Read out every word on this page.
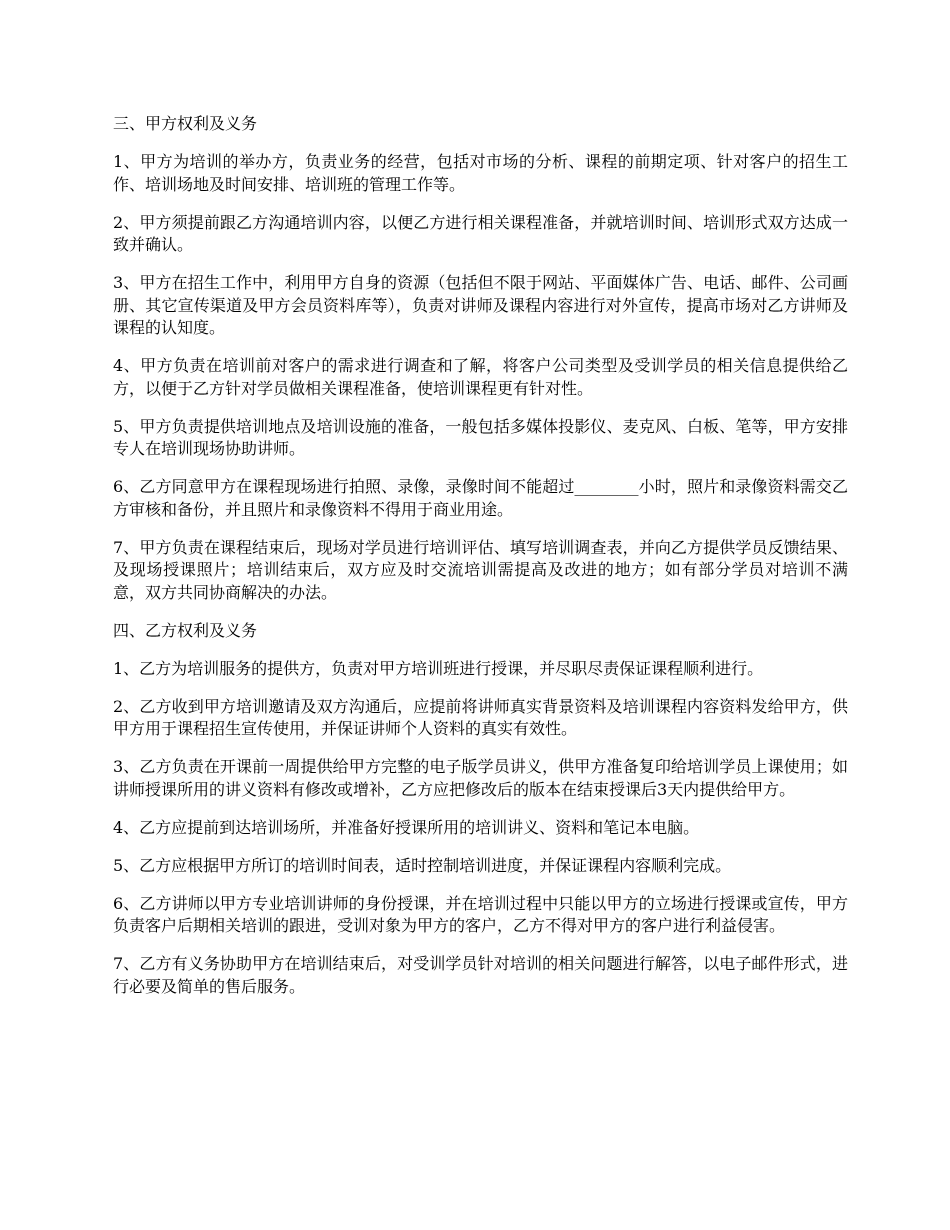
三、甲方权利及义务

1、甲方为培训的举办方，负责业务的经营，包括对市场的分析、课程的前期定项、针对客户的招生工作、培训场地及时间安排、培训班的管理工作等。

2、甲方须提前跟乙方沟通培训内容，以便乙方进行相关课程准备，并就培训时间、培训形式双方达成一致并确认。

3、甲方在招生工作中，利用甲方自身的资源（包括但不限于网站、平面媒体广告、电话、邮件、公司画册、其它宣传渠道及甲方会员资料库等），负责对讲师及课程内容进行对外宣传，提高市场对乙方讲师及课程的认知度。

4、甲方负责在培训前对客户的需求进行调查和了解，将客户公司类型及受训学员的相关信息提供给乙方，以便于乙方针对学员做相关课程准备，使培训课程更有针对性。

5、甲方负责提供培训地点及培训设施的准备，一般包括多媒体投影仪、麦克风、白板、笔等，甲方安排专人在培训现场协助讲师。

6、乙方同意甲方在课程现场进行拍照、录像，录像时间不能超过________小时，照片和录像资料需交乙方审核和备份，并且照片和录像资料不得用于商业用途。

7、甲方负责在课程结束后，现场对学员进行培训评估、填写培训调查表，并向乙方提供学员反馈结果、及现场授课照片；培训结束后，双方应及时交流培训需提高及改进的地方；如有部分学员对培训不满意，双方共同协商解决的办法。

四、乙方权利及义务

1、乙方为培训服务的提供方，负责对甲方培训班进行授课，并尽职尽责保证课程顺利进行。

2、乙方收到甲方培训邀请及双方沟通后，应提前将讲师真实背景资料及培训课程内容资料发给甲方，供甲方用于课程招生宣传使用，并保证讲师个人资料的真实有效性。

3、乙方负责在开课前一周提供给甲方完整的电子版学员讲义，供甲方准备复印给培训学员上课使用；如讲师授课所用的讲义资料有修改或增补，乙方应把修改后的版本在结束授课后3天内提供给甲方。

4、乙方应提前到达培训场所，并准备好授课所用的培训讲义、资料和笔记本电脑。

5、乙方应根据甲方所订的培训时间表，适时控制培训进度，并保证课程内容顺利完成。

6、乙方讲师以甲方专业培训讲师的身份授课，并在培训过程中只能以甲方的立场进行授课或宣传，甲方负责客户后期相关培训的跟进，受训对象为甲方的客户，乙方不得对甲方的客户进行利益侵害。

7、乙方有义务协助甲方在培训结束后，对受训学员针对培训的相关问题进行解答，以电子邮件形式，进行必要及简单的售后服务。
